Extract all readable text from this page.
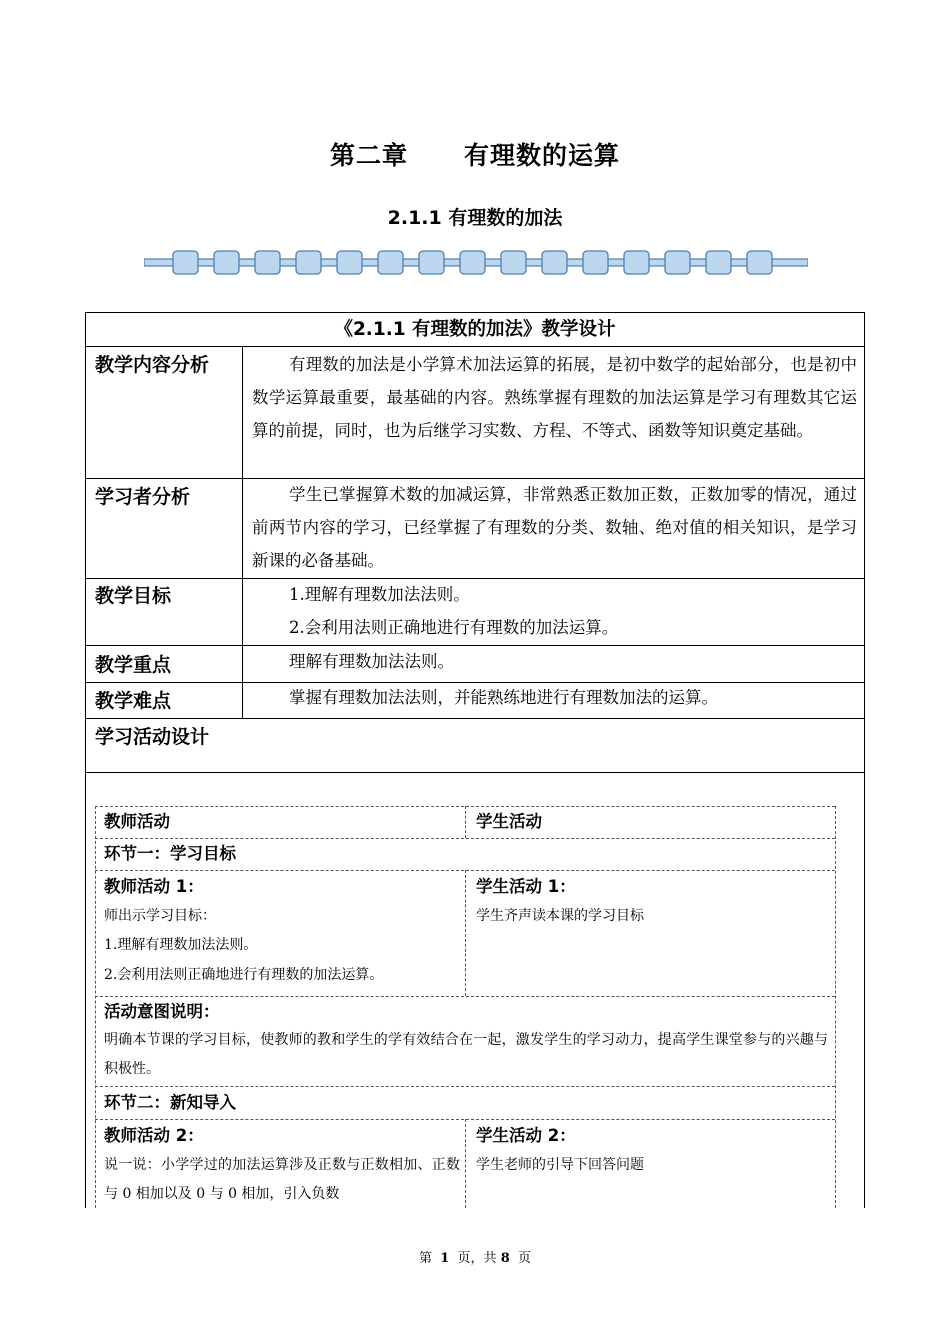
第二章 有理数的运算
2.1.1 有理数的加法
《2.1.1 有理数的加法》教学设计
教学内容分析	有理数的加法是小学算术加法运算的拓展，是初中数学的起始部分，也是初中数学运算最重要，最基础的内容。熟练掌握有理数的加法运算是学习有理数其它运算的前提，同时，也为后继学习实数、方程、不等式、函数等知识奠定基础。
学习者分析	学生已掌握算术数的加减运算，非常熟悉正数加正数，正数加零的情况，通过前两节内容的学习，已经掌握了有理数的分类、数轴、绝对值的相关知识，是学习新课的必备基础。
教学目标	1.理解有理数加法法则。
2.会利用法则正确地进行有理数的加法运算。
教学重点	理解有理数加法法则。
教学难点	掌握有理数加法法则，并能熟练地进行有理数加法的运算。
学习活动设计
教师活动	学生活动
环节一：学习目标
教师活动 1：
师出示学习目标：
1.理解有理数加法法则。
2.会利用法则正确地进行有理数的加法运算。
学生活动 1：
学生齐声读本课的学习目标
活动意图说明：
明确本节课的学习目标，使教师的教和学生的学有效结合在一起，激发学生的学习动力，提高学生课堂参与的兴趣与积极性。
环节二：新知导入
教师活动 2：
说一说：小学学过的加法运算涉及正数与正数相加、正数与 0 相加以及 0 与 0 相加，引入负数
学生活动 2：
学生老师的引导下回答问题
第 1 页，共 8 页
